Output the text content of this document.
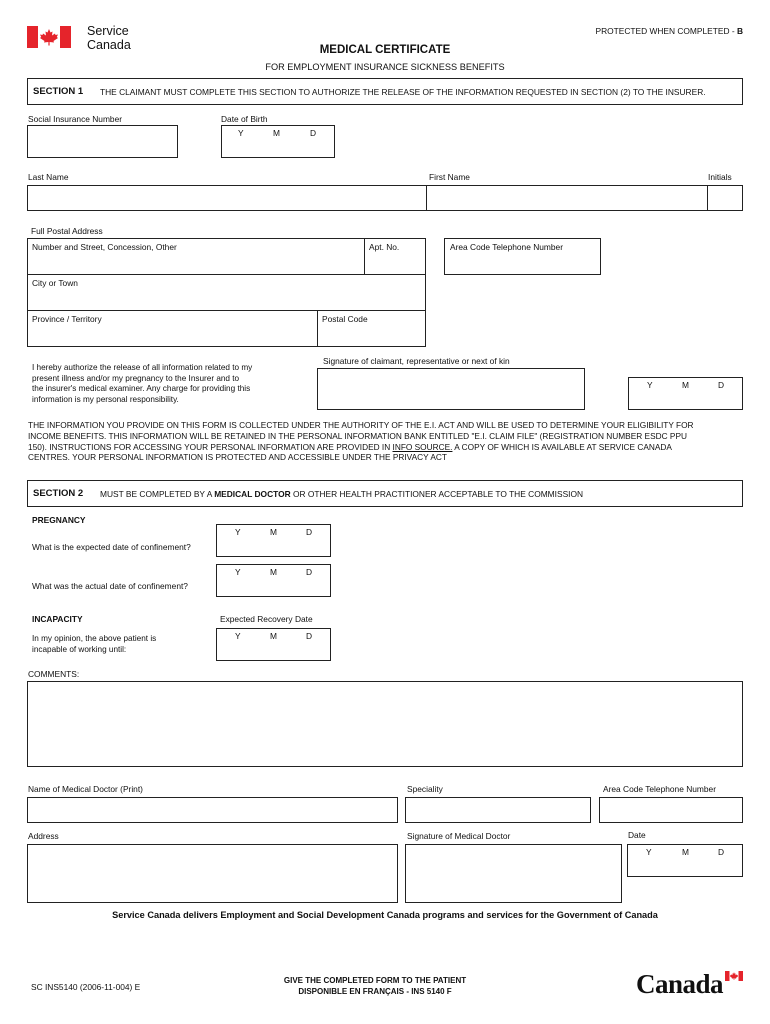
Service
Canada
PROTECTED WHEN COMPLETED - B
MEDICAL CERTIFICATE
FOR EMPLOYMENT INSURANCE SICKNESS BENEFITS
SECTION 1 THE CLAIMANT MUST COMPLETE THIS SECTION TO AUTHORIZE THE RELEASE OF THE INFORMATION REQUESTED IN SECTION (2) TO THE INSURER.
Social Insurance Number	Date of Birth
Y	M	D
Last Name	First Name	Initials
Full Postal Address
Number and Street, Concession, Other	Apt. No.	Area Code Telephone Number
City or Town
Province / Territory	Postal Code
Signature of claimant, representative or next of kin
I hereby authorize the release of all information related to my
present illness and/or my pregnancy to the Insurer and to
the insurer's medical examiner. Any charge for providing this
information is my personal responsibility.
Y	M	D
THE INFORMATION YOU PROVIDE ON THIS FORM IS COLLECTED UNDER THE AUTHORITY OF THE E.I. ACT AND WILL BE USED TO DETERMINE YOUR ELIGIBILITY FOR
INCOME BENEFITS. THIS INFORMATION WILL BE RETAINED IN THE PERSONAL INFORMATION BANK ENTITLED "E.I. CLAIM FILE" (REGISTRATION NUMBER ESDC PPU
150). INSTRUCTIONS FOR ACCESSING YOUR PERSONAL INFORMATION ARE PROVIDED IN INFO SOURCE. A COPY OF WHICH IS AVAILABLE AT SERVICE CANADA
CENTRES. YOUR PERSONAL INFORMATION IS PROTECTED AND ACCESSIBLE UNDER THE PRIVACY ACT
SECTION 2 MUST BE COMPLETED BY A MEDICAL DOCTOR OR OTHER HEALTH PRACTITIONER ACCEPTABLE TO THE COMMISSION
PREGNANCY
What is the expected date of confinement?
Y	M	D
What was the actual date of confinement?
Y	M	D
INCAPACITY	Expected Recovery Date
In my opinion, the above patient is
incapable of working until:
Y	M	D
COMMENTS:
Name of Medical Doctor (Print)	Speciality	Area Code Telephone Number
Address	Signature of Medical Doctor	Date
Y	M	D
Service Canada delivers Employment and Social Development Canada programs and services for the Government of Canada
SC INS5140 (2006-11-004) E
GIVE THE COMPLETED FORM TO THE PATIENT
DISPONIBLE EN FRANÇAIS - INS 5140 F	Canada
